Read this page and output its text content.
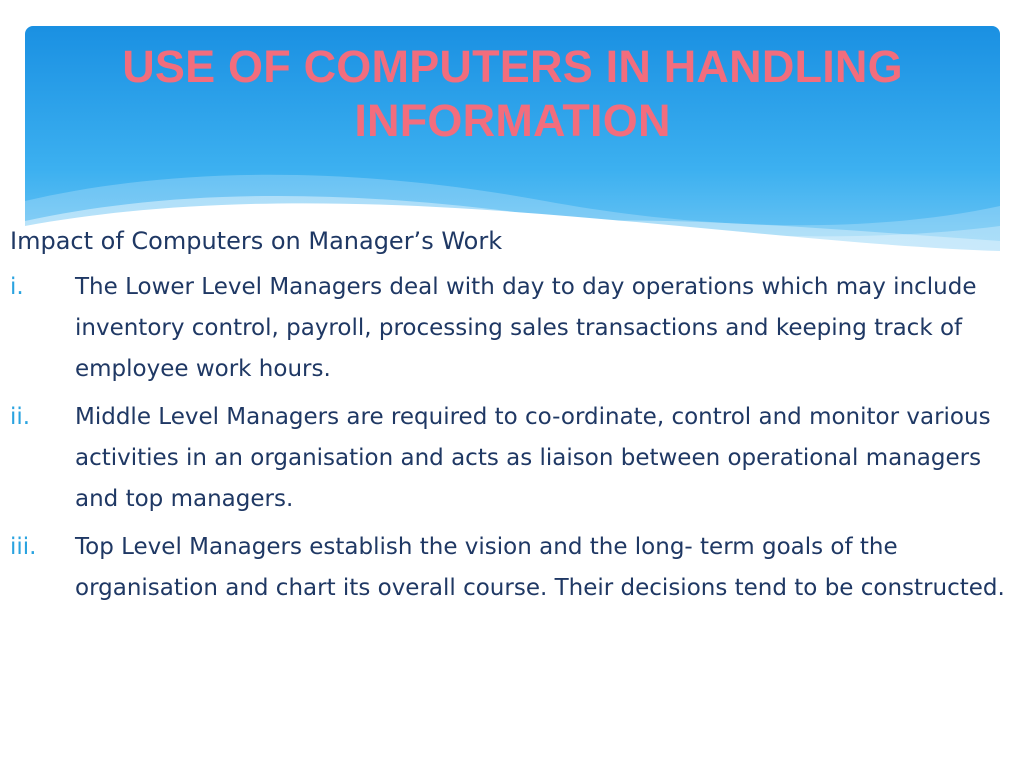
USE OF COMPUTERS IN HANDLING INFORMATION

Impact of Computers on Manager’s Work

i.	The Lower Level Managers deal with day to day operations which may include inventory control, payroll, processing sales transactions and keeping track of employee work hours.

ii.	Middle Level Managers are required to co-ordinate, control and monitor various activities in an organisation and acts as liaison between operational managers and top managers.

iii.	Top Level Managers establish the vision and the long- term goals of the organisation and chart its overall course. Their decisions tend to be constructed.
